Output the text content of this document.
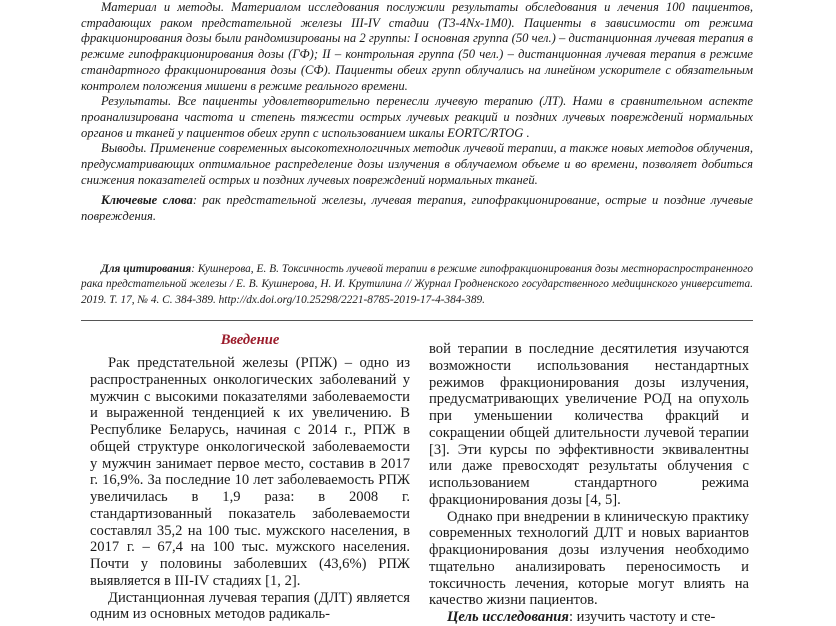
Материал и методы. Материалом исследования послужили результаты обследования и лечения 100 пациентов, страдающих раком предстательной железы III-IV стадии (T3-4Nx-1M0). Пациенты в зависимости от режима фракционирования дозы были рандомизированы на 2 группы: I основная группа (50 чел.) – дистанционная лучевая терапия в режиме гипофракционирования дозы (ГФ); II – контрольная группа (50 чел.) – дистанционная лучевая терапия в режиме стандартного фракционирования дозы (СФ). Пациенты обеих групп облучались на линейном ускорителе с обязательным контролем положения мишени в режиме реального времени.

Результаты. Все пациенты удовлетворительно перенесли лучевую терапию (ЛТ). Нами в сравнительном аспекте проанализирована частота и степень тяжести острых лучевых реакций и поздних лучевых повреждений нормальных органов и тканей у пациентов обеих групп с использованием шкалы EORTC/RTOG .

Выводы. Применение современных высокотехнологичных методик лучевой терапии, а также новых методов облучения, предусматривающих оптимальное распределение дозы излучения в облучаемом объеме и во времени, позволяет добиться снижения показателей острых и поздних лучевых повреждений нормальных тканей.

Ключевые слова: рак предстательной железы, лучевая терапия, гипофракционирование, острые и поздние лучевые повреждения.

Для цитирования: Кушнерова, Е. В. Токсичность лучевой терапии в режиме гипофракционирования дозы местнораспространенного рака предстательной железы / Е. В. Кушнерова, Н. И. Крутилина // Журнал Гродненского государственного медицинского университета. 2019. Т. 17, № 4. С. 384-389. http://dx.doi.org/10.25298/2221-8785-2019-17-4-384-389.

Введение

Рак предстательной железы (РПЖ) – одно из распространенных онкологических заболеваний у мужчин с высокими показателями заболеваемости и выраженной тенденцией к их увеличению. В Республике Беларусь, начиная с 2014 г., РПЖ в общей структуре онкологической заболеваемости у мужчин занимает первое место, составив в 2017 г. 16,9%. За последние 10 лет заболеваемость РПЖ увеличилась в 1,9 раза: в 2008 г. стандартизованный показатель заболеваемости составлял 35,2 на 100 тыс. мужского населения, в 2017 г. – 67,4 на 100 тыс. мужского населения. Почти у половины заболевших (43,6%) РПЖ выявляется в III-IV стадиях [1, 2].

Дистанционная лучевая терапия (ДЛТ) является одним из основных методов радикаль-

вой терапии в последние десятилетия изучаются возможности использования нестандартных режимов фракционирования дозы излучения, предусматривающих увеличение РОД на опухоль при уменьшении количества фракций и сокращении общей длительности лучевой терапии [3]. Эти курсы по эффективности эквивалентны или даже превосходят результаты облучения с использованием стандартного режима фракционирования дозы [4, 5].

Однако при внедрении в клиническую практику современных технологий ДЛТ и новых вариантов фракционирования дозы излучения необходимо тщательно анализировать переносимость и токсичность лечения, которые могут влиять на качество жизни пациентов.

Цель исследования: изучить частоту и сте-
